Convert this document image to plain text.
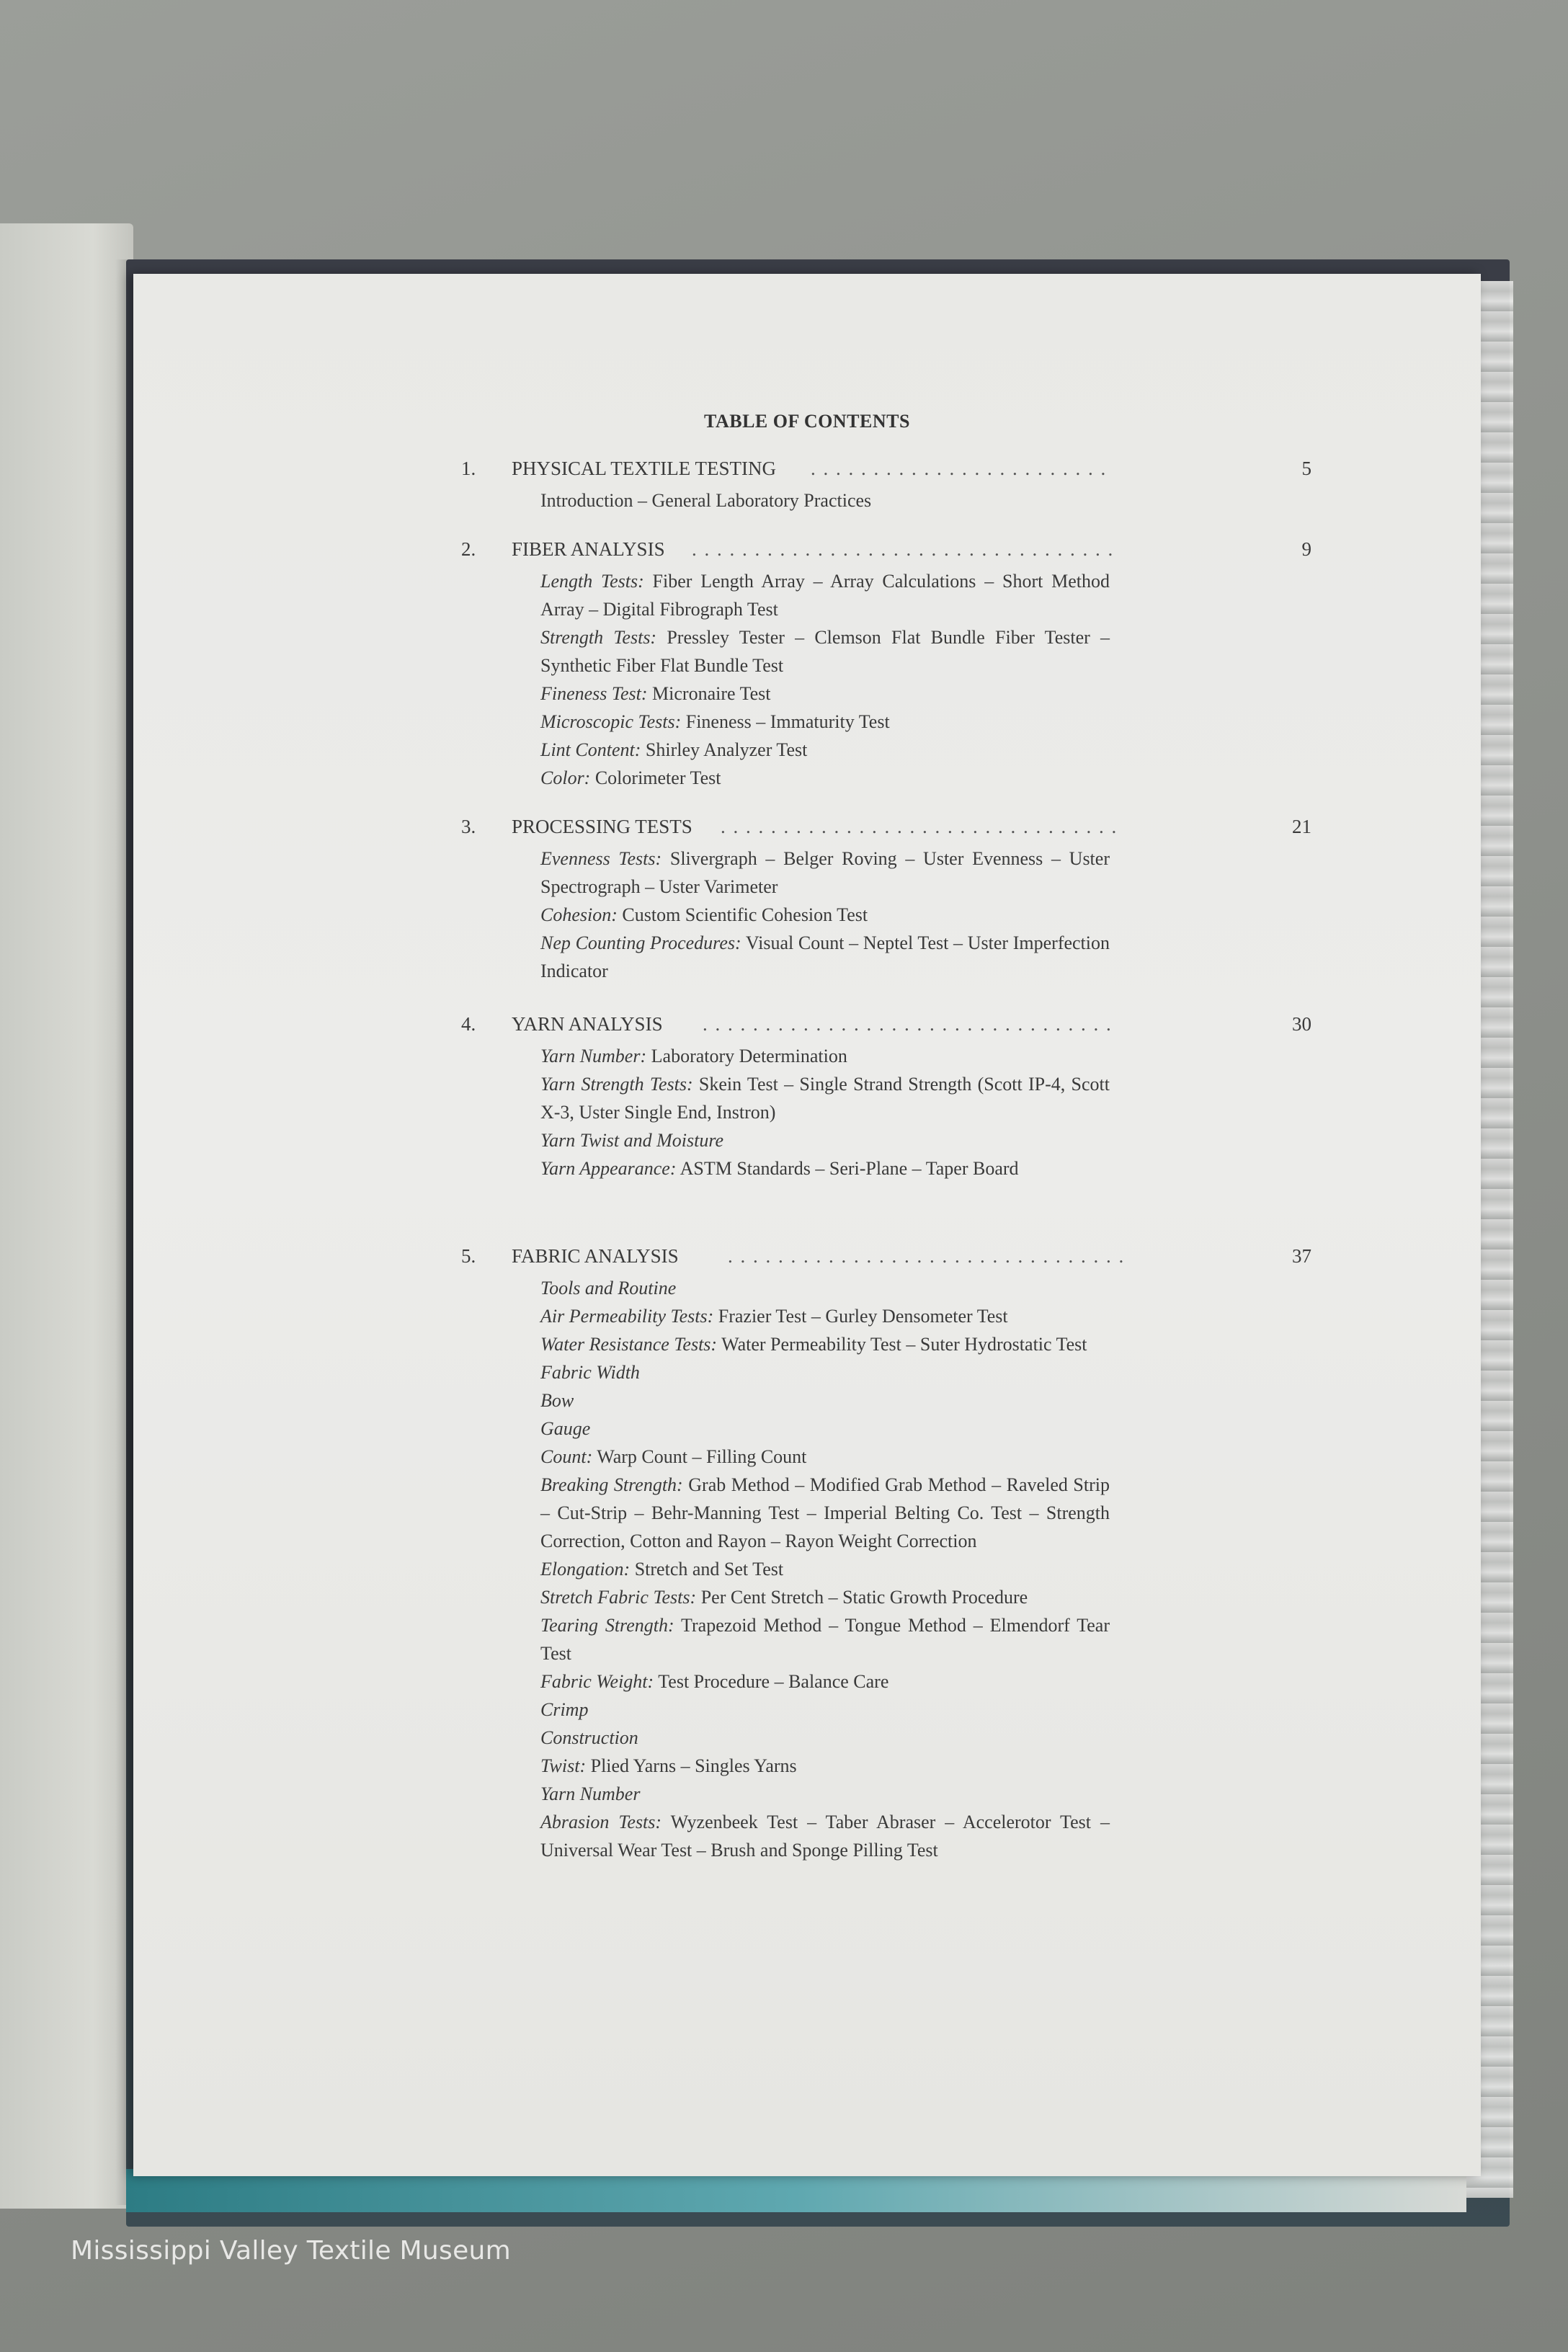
TABLE OF CONTENTS
1. PHYSICAL TEXTILE TESTING . . . . . . . . . . . . . . . . . . . . . . . .	5

Introduction – General Laboratory Practices

2. FIBER ANALYSIS . . . . . . . . . . . . . . . . . . . . . . . . . . . . . . . . . .	9

Length Tests: Fiber Length Array – Array Calculations – Short Method Array – Digital Fibrograph Test

Strength Tests: Pressley Tester – Clemson Flat Bundle Fiber Tester – Synthetic Fiber Flat Bundle Test

Fineness Test: Micronaire Test

Microscopic Tests: Fineness – Immaturity Test

Lint Content: Shirley Analyzer Test

Color: Colorimeter Test

3. PROCESSING TESTS . . . . . . . . . . . . . . . . . . . . . . . . . . . . . . . .	21

Evenness Tests: Slivergraph – Belger Roving – Uster Evenness – Uster Spectrograph – Uster Varimeter

Cohesion: Custom Scientific Cohesion Test

Nep Counting Procedures: Visual Count – Neptel Test – Uster Imperfection Indicator

4. YARN ANALYSIS . . . . . . . . . . . . . . . . . . . . . . . . . . . . . . . . .	30

Yarn Number: Laboratory Determination

Yarn Strength Tests: Skein Test – Single Strand Strength (Scott IP-4, Scott X-3, Uster Single End, Instron)

Yarn Twist and Moisture

Yarn Appearance: ASTM Standards – Seri-Plane – Taper Board

5. FABRIC ANALYSIS	. . . . . . . . . . . . . . . . . . . . . . . . . . . . . . . .	37

Tools and Routine

Air Permeability Tests: Frazier Test – Gurley Densometer Test

Water Resistance Tests: Water Permeability Test – Suter Hydrostatic Test

Fabric Width

Bow

Gauge

Count: Warp Count – Filling Count

Breaking Strength: Grab Method – Modified Grab Method – Raveled Strip – Cut-Strip – Behr-Manning Test – Imperial Belting Co. Test – Strength Correction, Cotton and Rayon – Rayon Weight Correction

Elongation: Stretch and Set Test

Stretch Fabric Tests: Per Cent Stretch – Static Growth Procedure

Tearing Strength: Trapezoid Method – Tongue Method – Elmendorf Tear Test

Fabric Weight: Test Procedure – Balance Care

Crimp

Construction

Twist: Plied Yarns – Singles Yarns

Yarn Number

Abrasion Tests: Wyzenbeek Test – Taber Abraser – Accelerotor Test – Universal Wear Test – Brush and Sponge Pilling Test

Mississippi Valley Textile Museum
